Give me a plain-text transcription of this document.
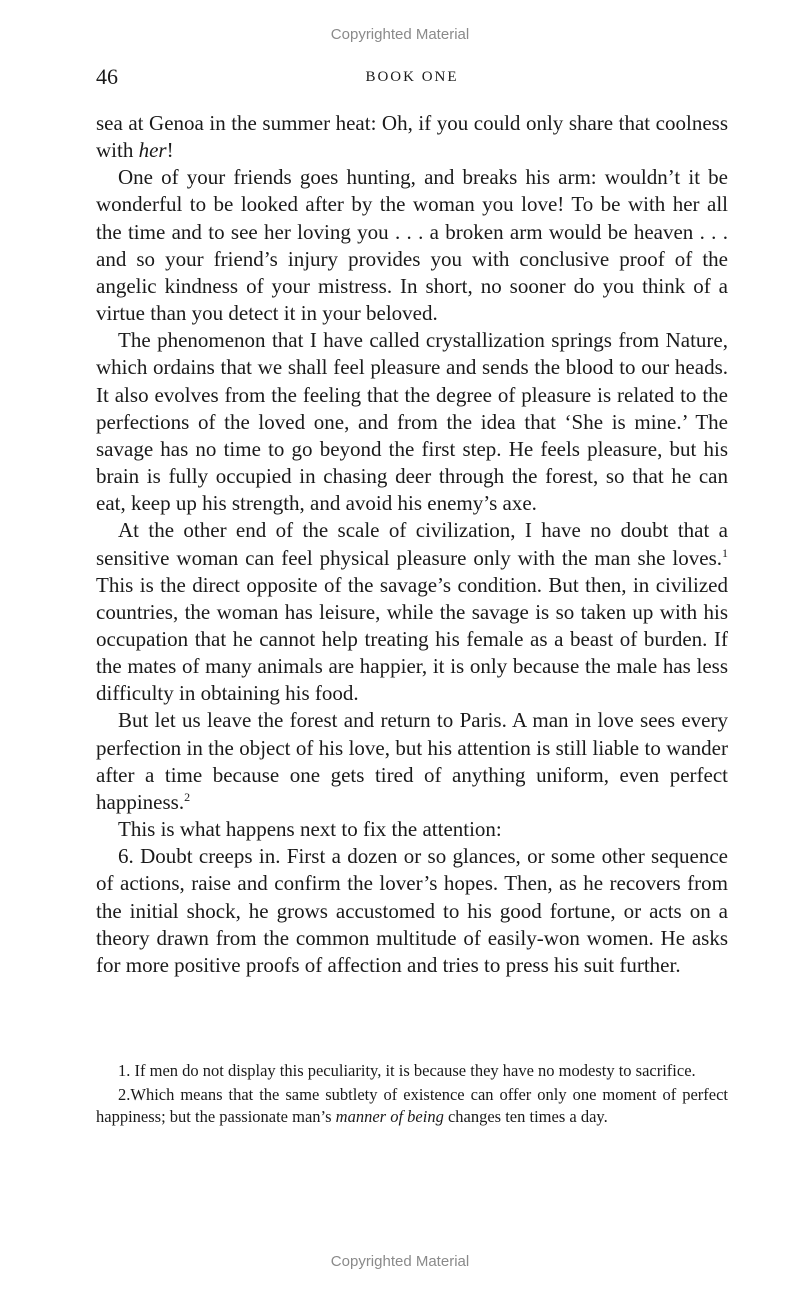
Copyrighted Material
46	BOOK ONE

sea at Genoa in the summer heat: Oh, if you could only share that coolness with her!

One of your friends goes hunting, and breaks his arm: wouldn’t it be wonderful to be looked after by the woman you love! To be with her all the time and to see her loving you . . . a broken arm would be heaven . . . and so your friend’s injury provides you with conclusive proof of the angelic kindness of your mistress. In short, no sooner do you think of a virtue than you detect it in your beloved.

The phenomenon that I have called crystallization springs from Nature, which ordains that we shall feel pleasure and sends the blood to our heads. It also evolves from the feeling that the degree of pleasure is related to the perfections of the loved one, and from the idea that ‘She is mine.’ The savage has no time to go beyond the first step. He feels pleasure, but his brain is fully occupied in chasing deer through the forest, so that he can eat, keep up his strength, and avoid his enemy’s axe.

At the other end of the scale of civilization, I have no doubt that a sensitive woman can feel physical pleasure only with the man she loves.$^1$ This is the direct opposite of the savage’s condition. But then, in civilized countries, the woman has leisure, while the savage is so taken up with his occupation that he cannot help treating his female as a beast of burden. If the mates of many animals are happier, it is only because the male has less difficulty in obtaining his food.

But let us leave the forest and return to Paris. A man in love sees every perfection in the object of his love, but his attention is still liable to wander after a time because one gets tired of anything uniform, even perfect happiness.$^2$

This is what happens next to fix the attention:

6. Doubt creeps in. First a dozen or so glances, or some other sequence of actions, raise and confirm the lover’s hopes. Then, as he recovers from the initial shock, he grows accustomed to his good fortune, or acts on a theory drawn from the common multitude of easily-won women. He asks for more positive proofs of affection and tries to press his suit further.

1. If men do not display this peculiarity, it is because they have no modesty to sacrifice.

2.Which means that the same subtlety of existence can offer only one moment of perfect happiness; but the passionate man’s manner of being changes ten times a day.

Copyrighted Material
